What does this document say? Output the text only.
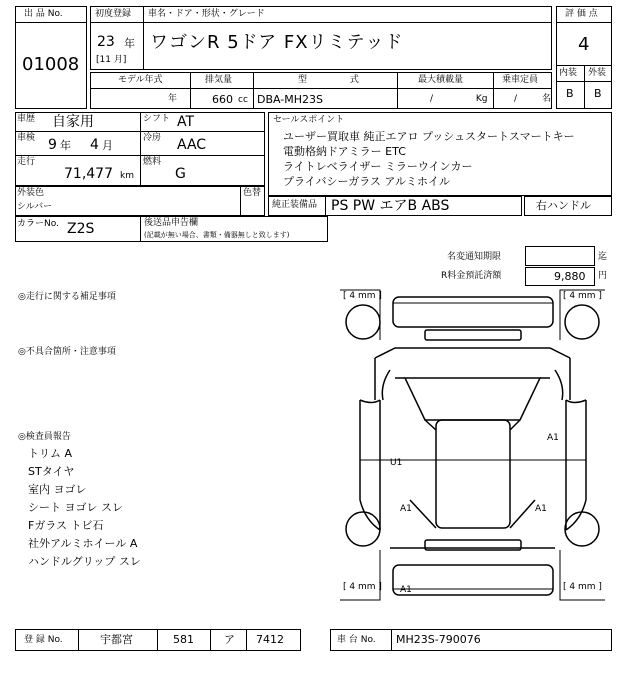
出 品 No.
01008
初度登録 車名・ドア・形状・グレード
23 年
[11 月]
ワゴンR 5ドア FXリミテッド
評 価 点
4
内装 外装
B B
モデル年式	排気量	型 式	最大積載量	乗車定員
年	660 cc DBA-MH23S	/ Kg	/ 名
車歴 自家用	シフト AT
車検 9 年 4 月
冷房 AAC
走行
71,477 km
燃料
G
外装色
シルバー
色替
カラーNo. Z2S	後送品申告欄
(記載が無い場合、書類・備器無しと致します)
セールスポイント
ユーザー買取車 純正エアロ プッシュスタートスマートキー
電動格納ドアミラー ETC
ライトレベライザー ミラーウインカー
プライバシーガラス アルミホイル
純正装備品 PS PW エアB ABS	右ハンドル
名変通知期限	迄
R料金預託済額	9,880 円
◎走行に関する補足事項
◎不具合箇所・注意事項
◎検査員報告
トリム A
STタイヤ
室内 ヨゴレ
シート ヨゴレ スレ
Fガラス トビ石
社外アルミホイール A
ハンドルグリップ スレ
[ 4 mm ]	[ 4 mm ]
[ 4 mm ]	[ 4 mm ]
A1
U1
A1	A1
A1
登 録 No.	宇都宮	581	ア 7412	車 台 No. MH23S-790076
